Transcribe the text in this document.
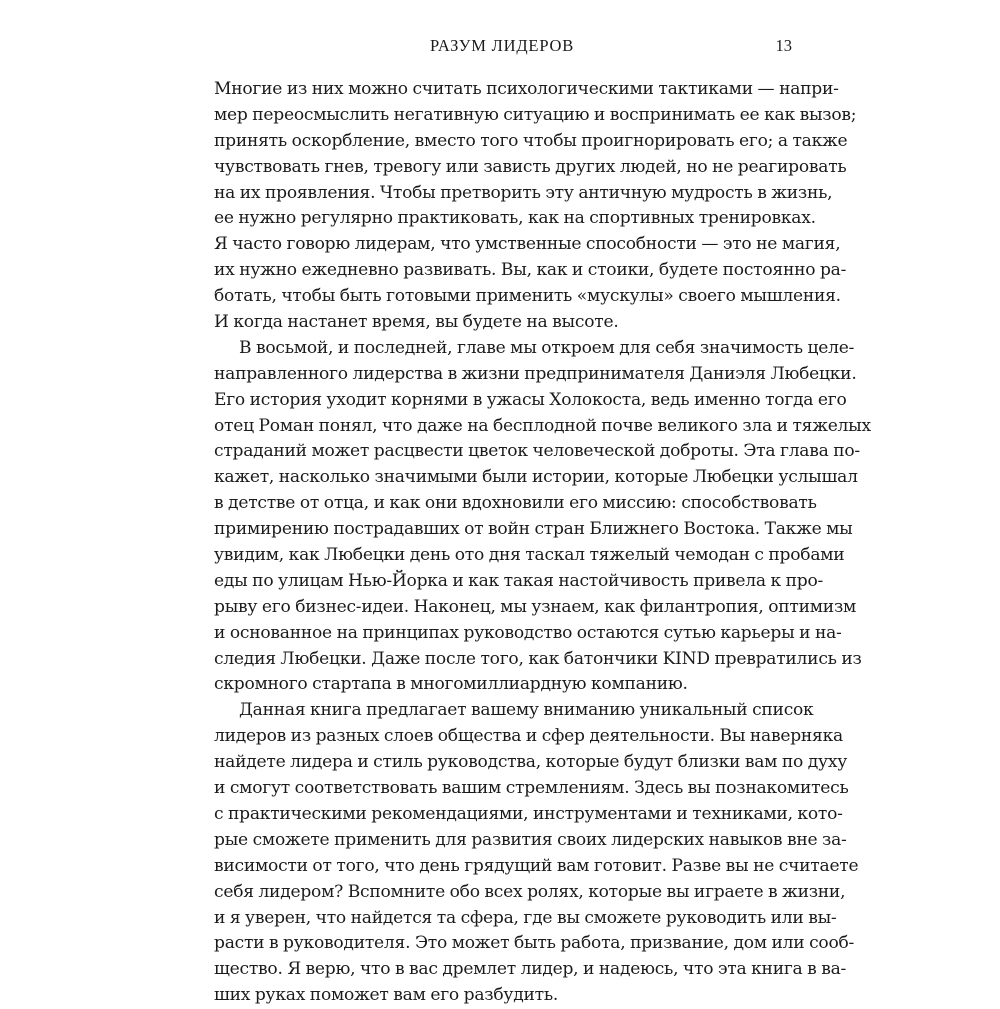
РАЗУМ ЛИДЕРОВ	13
Многие из них можно считать психологическими тактиками — напри-
мер переосмыслить негативную ситуацию и воспринимать ее как вызов;
принять оскорбление, вместо того чтобы проигнорировать его; а также
чувствовать гнев, тревогу или зависть других людей, но не реагировать
на их проявления. Чтобы претворить эту античную мудрость в жизнь,
ее нужно регулярно практиковать, как на спортивных тренировках.
Я часто говорю лидерам, что умственные способности — это не магия,
их нужно ежедневно развивать. Вы, как и стоики, будете постоянно ра-
ботать, чтобы быть готовыми применить «мускулы» своего мышления.
И когда настанет время, вы будете на высоте.
В восьмой, и последней, главе мы откроем для себя значимость целе-
направленного лидерства в жизни предпринимателя Даниэля Любецки.
Его история уходит корнями в ужасы Холокоста, ведь именно тогда его
отец Роман понял, что даже на бесплодной почве великого зла и тяжелых
страданий может расцвести цветок человеческой доброты. Эта глава по-
кажет, насколько значимыми были истории, которые Любецки услышал
в детстве от отца, и как они вдохновили его миссию: способствовать
примирению пострадавших от войн стран Ближнего Востока. Также мы
увидим, как Любецки день ото дня таскал тяжелый чемодан с пробами
еды по улицам Нью-Йорка и как такая настойчивость привела к про-
рыву его бизнес-идеи. Наконец, мы узнаем, как филантропия, оптимизм
и основанное на принципах руководство остаются сутью карьеры и на-
следия Любецки. Даже после того, как батончики KIND превратились из
скромного стартапа в многомиллиардную компанию.
Данная книга предлагает вашему вниманию уникальный список
лидеров из разных слоев общества и сфер деятельности. Вы наверняка
найдете лидера и стиль руководства, которые будут близки вам по духу
и смогут соответствовать вашим стремлениям. Здесь вы познакомитесь
с практическими рекомендациями, инструментами и техниками, кото-
рые сможете применить для развития своих лидерских навыков вне за-
висимости от того, что день грядущий вам готовит. Разве вы не считаете
себя лидером? Вспомните обо всех ролях, которые вы играете в жизни,
и я уверен, что найдется та сфера, где вы сможете руководить или вы-
расти в руководителя. Это может быть работа, призвание, дом или сооб-
щество. Я верю, что в вас дремлет лидер, и надеюсь, что эта книга в ва-
ших руках поможет вам его разбудить.
